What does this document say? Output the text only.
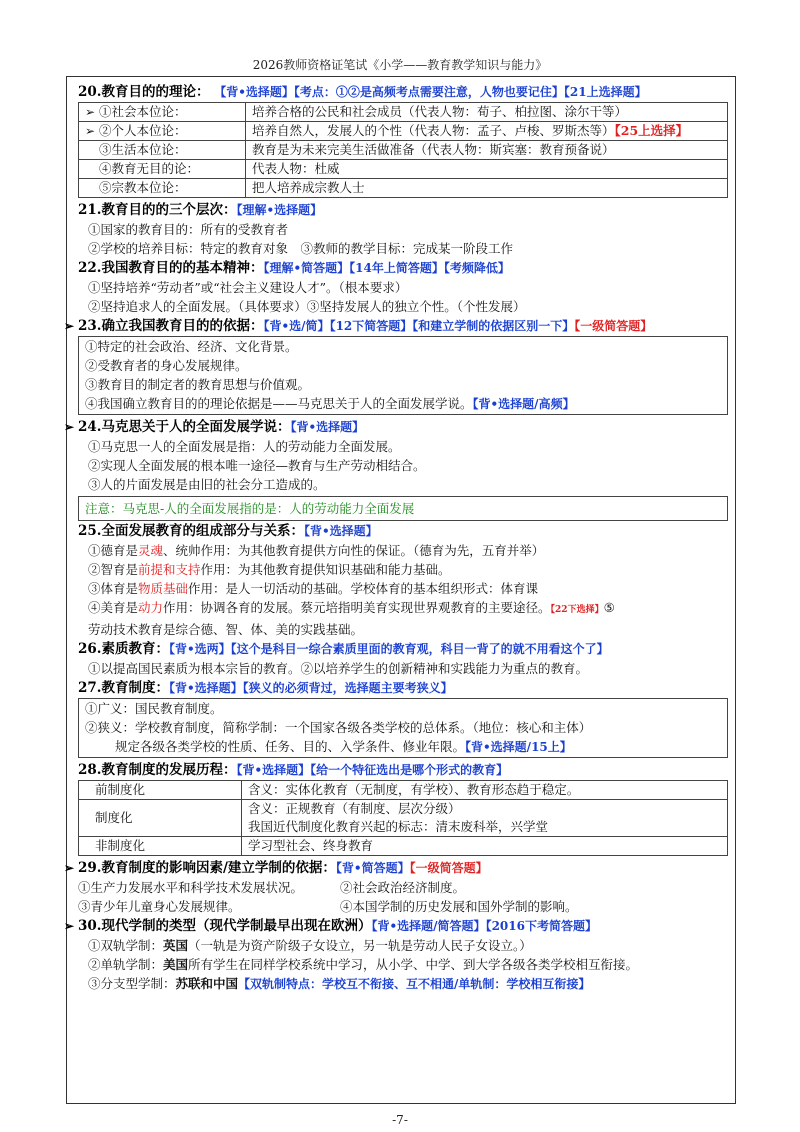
2026教师资格证笔试《小学——教育教学知识与能力》
20.教育目的的理论： 【背•选择题】【考点：①②是高频考点需要注意，人物也要记住】【21上选择题】
➢ ①社会本位论：	培养合格的公民和社会成员（代表人物：荀子、柏拉图、涂尔干等）
➢ ②个人本位论：	培养自然人，发展人的个性（代表人物：孟子、卢梭、罗斯杰等）【25上选择】
③生活本位论：	教育是为未来完美生活做准备（代表人物：斯宾塞：教育预备说）
④教育无目的论：	代表人物：杜威
⑤宗教本位论：	把人培养成宗教人士
21.教育目的的三个层次：【理解•选择题】
①国家的教育目的：所有的受教育者
②学校的培养目标：特定的教育对象　③教师的教学目标：完成某一阶段工作
22.我国教育目的的基本精神：【理解•简答题】【14年上简答题】【考频降低】
①坚持培养“劳动者”或“社会主义建设人才”。（根本要求）
②坚持追求人的全面发展。（具体要求）③坚持发展人的独立个性。（个性发展）
➢ 23.确立我国教育目的的依据：【背•选/简】【12下简答题】【和建立学制的依据区别一下】【一级简答题】
①特定的社会政治、经济、文化背景。
②受教育者的身心发展规律。
③教育目的制定者的教育思想与价值观。
④我国确立教育目的的理论依据是——马克思关于人的全面发展学说。【背•选择题/高频】
➢ 24.马克思关于人的全面发展学说：【背•选择题】
①马克思一人的全面发展是指：人的劳动能力全面发展。
②实现人全面发展的根本唯一途径—教育与生产劳动相结合。
③人的片面发展是由旧的社会分工造成的。
注意：马克思-人的全面发展指的是：人的劳动能力全面发展
25.全面发展教育的组成部分与关系：【背•选择题】
①德育是灵魂、统帅作用：为其他教育提供方向性的保证。（德育为先，五育并举）
②智育是前提和支持作用：为其他教育提供知识基础和能力基础。
③体育是物质基础作用：是人一切活动的基础。学校体育的基本组织形式：体育课
④美育是动力作用：协调各育的发展。蔡元培指明美育实现世界观教育的主要途径。【22下选择】⑤
劳动技术教育是综合德、智、体、美的实践基础。
26.素质教育：【背•选两】【这个是科目一综合素质里面的教育观，科目一背了的就不用看这个了】
①以提高国民素质为根本宗旨的教育。②以培养学生的创新精神和实践能力为重点的教育。
27.教育制度：【背•选择题】【狭义的必须背过，选择题主要考狭义】
①广义：国民教育制度。
②狭义：学校教育制度，简称学制：一个国家各级各类学校的总体系。（地位：核心和主体）
规定各级各类学校的性质、任务、目的、入学条件、修业年限。【背•选择题/15上】
28.教育制度的发展历程：【背•选择题】【给一个特征选出是哪个形式的教育】
前制度化	含义：实体化教育（无制度，有学校）、教育形态趋于稳定。
制度化	含义：正规教育（有制度、层次分级）
我国近代制度化教育兴起的标志：清末废科举，兴学堂

非制度化	学习型社会、终身教育
➢ 29.教育制度的影响因素/建立学制的依据：【背•简答题】【一级简答题】
①生产力发展水平和科学技术发展状况。	②社会政治经济制度。
③青少年儿童身心发展规律。	④本国学制的历史发展和国外学制的影响。
➢ 30.现代学制的类型（现代学制最早出现在欧洲）【背•选择题/简答题】【2016下考简答题】
①双轨学制：英国（一轨是为资产阶级子女设立，另一轨是劳动人民子女设立。）
②单轨学制：美国所有学生在同样学校系统中学习，从小学、中学、到大学各级各类学校相互衔接。
③分支型学制：苏联和中国【双轨制特点：学校互不衔接、互不相通/单轨制：学校相互衔接】
-7-
